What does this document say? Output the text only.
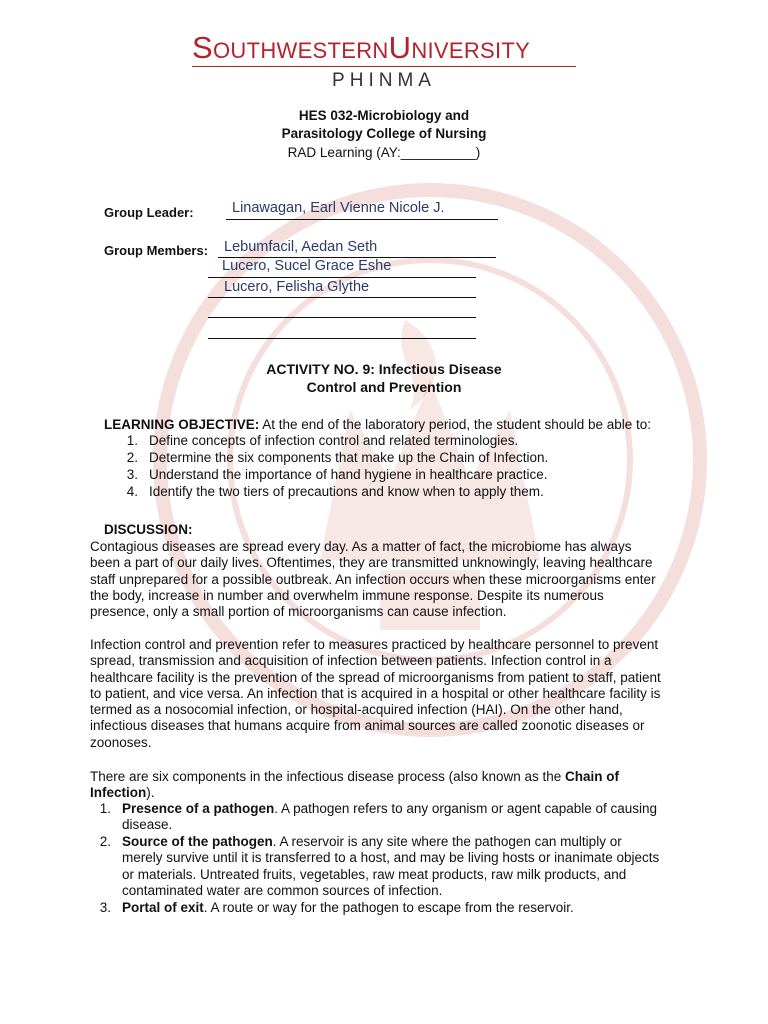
SOUTHWESTERNUNIVERSITY
PHINMA
HES 032-Microbiology and
Parasitology College of Nursing
RAD Learning (AY:__________)
Group Leader:	Linawagan, Earl Vienne Nicole J.
Group Members: Lebumfacil, Aedan Seth
Lucero, Sucel Grace Eshe
Lucero, Felisha Glythe
ACTIVITY NO. 9: Infectious Disease
Control and Prevention
LEARNING OBJECTIVE: At the end of the laboratory period, the student should be able to:
1. Define concepts of infection control and related terminologies.
2. Determine the six components that make up the Chain of Infection.
3. Understand the importance of hand hygiene in healthcare practice.
4. Identify the two tiers of precautions and know when to apply them.
DISCUSSION:
Contagious diseases are spread every day. As a matter of fact, the microbiome has always
been a part of our daily lives. Oftentimes, they are transmitted unknowingly, leaving healthcare
staff unprepared for a possible outbreak. An infection occurs when these microorganisms enter
the body, increase in number and overwhelm immune response. Despite its numerous
presence, only a small portion of microorganisms can cause infection.
Infection control and prevention refer to measures practiced by healthcare personnel to prevent
spread, transmission and acquisition of infection between patients. Infection control in a
healthcare facility is the prevention of the spread of microorganisms from patient to staff, patient
to patient, and vice versa. An infection that is acquired in a hospital or other healthcare facility is
termed as a nosocomial infection, or hospital-acquired infection (HAI). On the other hand,
infectious diseases that humans acquire from animal sources are called zoonotic diseases or
zoonoses.
There are six components in the infectious disease process (also known as the Chain of
Infection).
1. Presence of a pathogen. A pathogen refers to any organism or agent capable of causing
disease.
2. Source of the pathogen. A reservoir is any site where the pathogen can multiply or
merely survive until it is transferred to a host, and may be living hosts or inanimate objects
or materials. Untreated fruits, vegetables, raw meat products, raw milk products, and
contaminated water are common sources of infection.
3. Portal of exit. A route or way for the pathogen to escape from the reservoir.
